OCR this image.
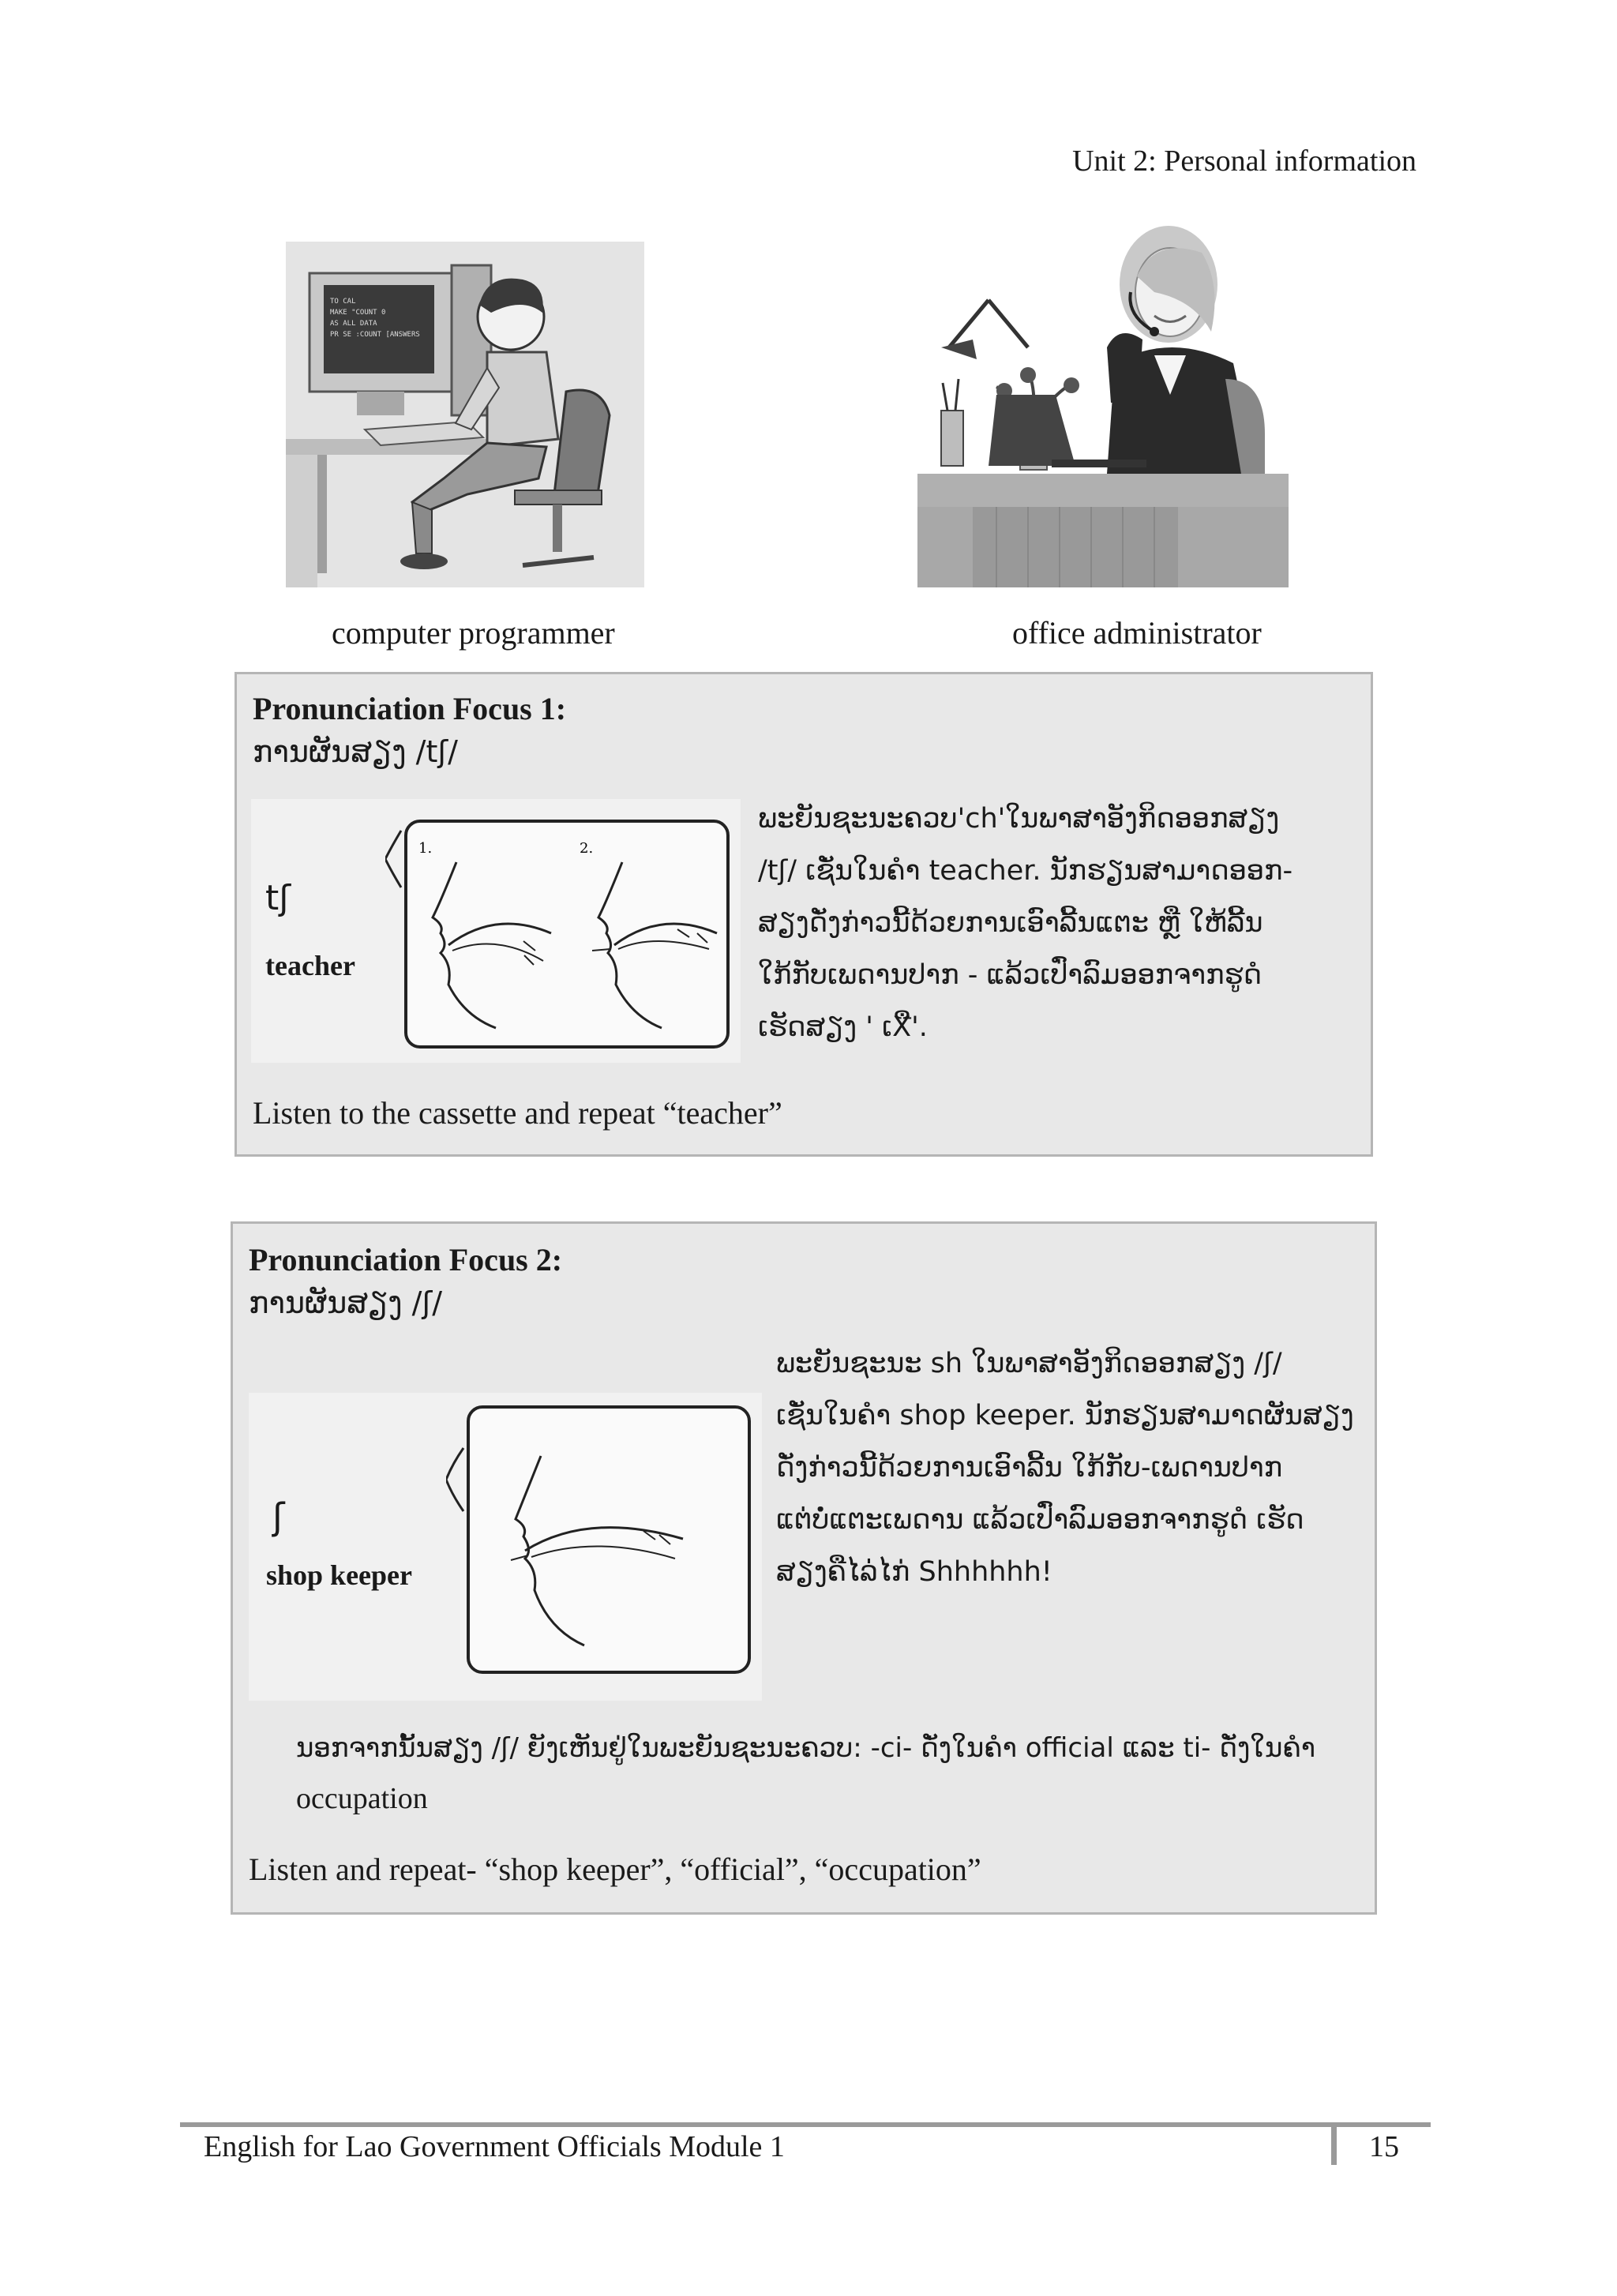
Unit 2: Personal information
TO CAL
MAKE "COUNT 0
AS ALL DATA
PR SE :COUNT [ANSWERS
computer programmer	office administrator
Pronunciation Focus 1:
ການຜັນສຽງ /tʃ/
tʃ
teacher
1.	2.
ພະຍັນຊະນະຄວບ'ch'ໃນພາສາອັງກິດອອກສຽງ
/tʃ/ ເຊັ່ນໃນຄໍາ teacher. ນັກຮຽນສາມາດອອກ-
ສຽງດັ່ງກ່າວນີ້ດ້ວຍການເອົາລີ້ນແຕະ ຫຼື ໃຫ້ລີ້ນ
ໃກ້ກັບເພດານປາກ - ແລ້ວເປົ່າລົມອອກຈາກຮູດໍ
ເຮັດສຽງ ' ເXື'.
Listen to the cassette and repeat “teacher”
Pronunciation Focus 2:
ການຜັນສຽງ /ʃ/
ʃ
shop keeper
ພະຍັນຊະນະ sh ໃນພາສາອັງກິດອອກສຽງ /ʃ/
ເຊັ່ນໃນຄໍາ shop keeper. ນັກຮຽນສາມາດຜັນສຽງ
ດັ່ງກ່າວນີ້ດ້ວຍການເອົາລີ້ນ ໃກ້ກັບ-ເພດານປາກ
ແຕ່ບໍ່ແຕະເພດານ ແລ້ວເປົ່າລົມອອກຈາກຮູດໍ ເຮັດ
ສຽງຄືໄລ່ໄກ່ Shhhhhh!
ນອກຈາກນັ້ນສຽງ /ʃ/ ຍັງເຫັນຢູ່ໃນພະຍັນຊະນະຄວບ: -ci- ດັ່ງໃນຄໍາ official ແລະ ti- ດັ່ງໃນຄໍາ
occupation
Listen and repeat- “shop keeper”, “official”, “occupation”
English for Lao Government Officials Module 1	15
